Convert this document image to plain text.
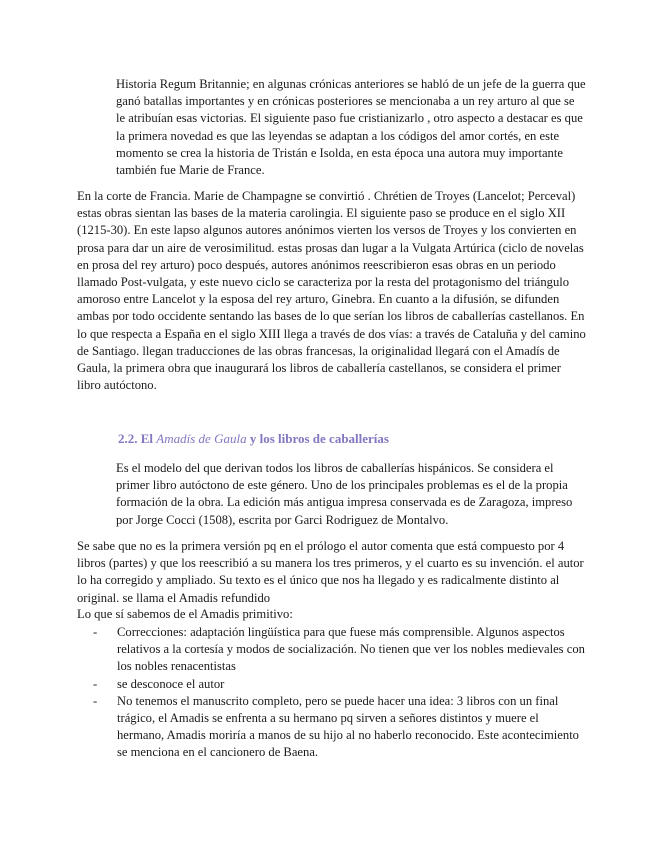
Historia Regum Britannie; en algunas crónicas anteriores se habló de un jefe de la guerra que ganó batallas importantes y en crónicas posteriores se mencionaba a un rey arturo al que se le atribuían esas victorias. El siguiente paso fue cristianizarlo , otro aspecto a destacar es que la primera novedad es que las leyendas se adaptan a los códigos del amor cortés, en este momento se crea la historia de Tristán e Isolda, en esta época una autora muy importante también fue Marie de France.

En la corte de Francia. Marie de Champagne se convirtió . Chrétien de Troyes (Lancelot; Perceval) estas obras sientan las bases de la materia carolingia. El siguiente paso se produce en el siglo XII (1215-30). En este lapso algunos autores anónimos vierten los versos de Troyes y los convierten en prosa para dar un aire de verosimilitud. estas prosas dan lugar a la Vulgata Artúrica (ciclo de novelas en prosa del rey arturo) poco después, autores anónimos reescribieron esas obras en un periodo llamado Post-vulgata, y este nuevo ciclo se caracteriza por la resta del protagonismo del triángulo amoroso entre Lancelot y la esposa del rey arturo, Ginebra. En cuanto a la difusión, se difunden ambas por todo occidente sentando las bases de lo que serían los libros de caballerías castellanos. En lo que respecta a España en el siglo XIII llega a través de dos vías: a través de Cataluña y del camino de Santiago. llegan traducciones de las obras francesas, la originalidad llegará con el Amadís de Gaula, la primera obra que inaugurará los libros de caballería castellanos, se considera el primer libro autóctono.

2.2. El Amadís de Gaula y los libros de caballerías

Es el modelo del que derivan todos los libros de caballerías hispánicos. Se considera el primer libro autóctono de este género. Uno de los principales problemas es el de la propia formación de la obra. La edición más antigua impresa conservada es de Zaragoza, impreso por Jorge Cocci (1508), escrita por Garci Rodriguez de Montalvo.

Se sabe que no es la primera versión pq en el prólogo el autor comenta que está compuesto por 4 libros (partes) y que los reescribió a su manera los tres primeros, y el cuarto es su invención. el autor lo ha corregido y ampliado. Su texto es el único que nos ha llegado y es radicalmente distinto al original. se llama el Amadis refundido

Lo que sí sabemos de el Amadis primitivo:

- Correcciones: adaptación lingüística para que fuese más comprensible. Algunos aspectos relativos a la cortesía y modos de socialización. No tienen que ver los nobles medievales con los nobles renacentistas
- se desconoce el autor
- No tenemos el manuscrito completo, pero se puede hacer una idea: 3 libros con un final trágico, el Amadis se enfrenta a su hermano pq sirven a señores distintos y muere el hermano, Amadis moriría a manos de su hijo al no haberlo reconocido. Este acontecimiento se menciona en el cancionero de Baena.
